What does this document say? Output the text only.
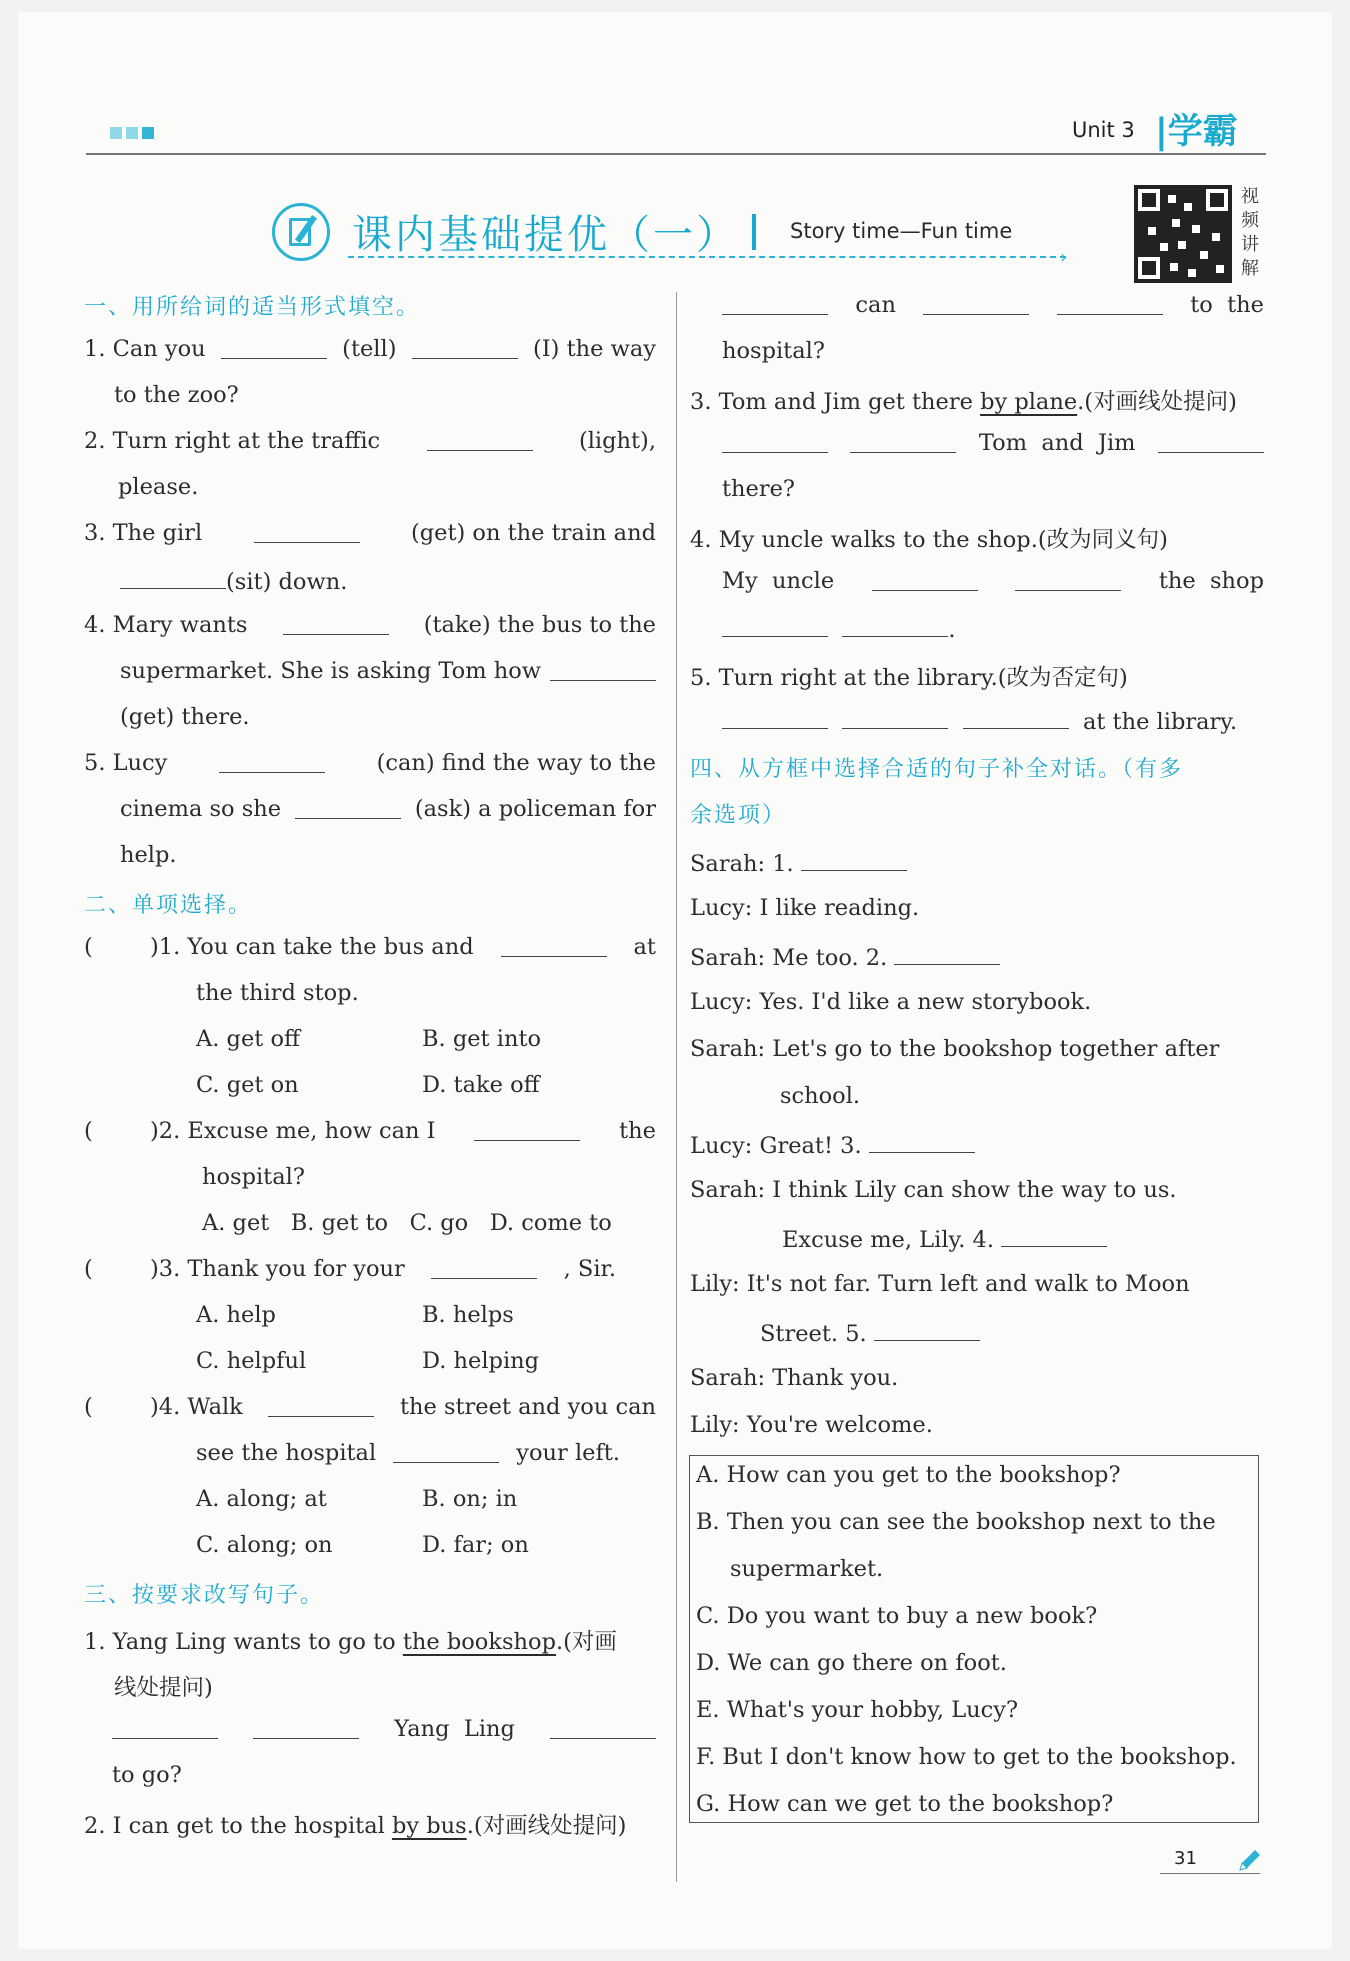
Unit 3 |学霸
课内基础提优（一） Story time—Fun time
›
视
频
讲
解
一、用所给词的适当形式填空。
1. Can you	(tell)	(I) the way
to the zoo?
2. Turn right at the traffic	(light),
please.
3. The girl	(get) on the train and
(sit) down.
4. Mary wants	(take) the bus to the
supermarket. She is asking Tom how
(get) there.
5. Lucy	(can) find the way to the
cinema so she	(ask) a policeman for
help.
二、单项选择。
(	)1. You can take the bus and	at
the third stop.
A. get off	B. get into
C. get on	D. take off
(	)2. Excuse me, how can I	the
hospital?
A. get   B. get to   C. go   D. come to
(	)3. Thank you for your	, Sir.
A. help	B. helps
C. helpful	D. helping
(	)4. Walk	the street and you can
see the hospital	your left.
A. along; at	B. on; in
C. along; on	D. far; on
三、按要求改写句子。
1. Yang Ling wants to go to the bookshop.(对画
线处提问)
Yang  Ling
to go?
2. I can get to the hospital by bus.(对画线处提问)
can	to  the
hospital?
3. Tom and Jim get there by plane.(对画线处提问)
Tom  and  Jim
there?
4. My uncle walks to the shop.(改为同义句)
My  uncle	the  shop
.
5. Turn right at the library.(改为否定句)
at the library.
四、从方框中选择合适的句子补全对话。（有多
余选项）
Sarah: 1.
Lucy: I like reading.
Sarah: Me too. 2.
Lucy: Yes. I'd like a new storybook.
Sarah: Let's go to the bookshop together after
school.
Lucy: Great! 3.
Sarah: I think Lily can show the way to us.
Excuse me, Lily. 4.
Lily: It's not far. Turn left and walk to Moon
Street. 5.
Sarah: Thank you.
Lily: You're welcome.
A. How can you get to the bookshop?
B. Then you can see the bookshop next to the
supermarket.
C. Do you want to buy a new book?
D. We can go there on foot.
E. What's your hobby, Lucy?
F. But I don't know how to get to the bookshop.
G. How can we get to the bookshop?
31
